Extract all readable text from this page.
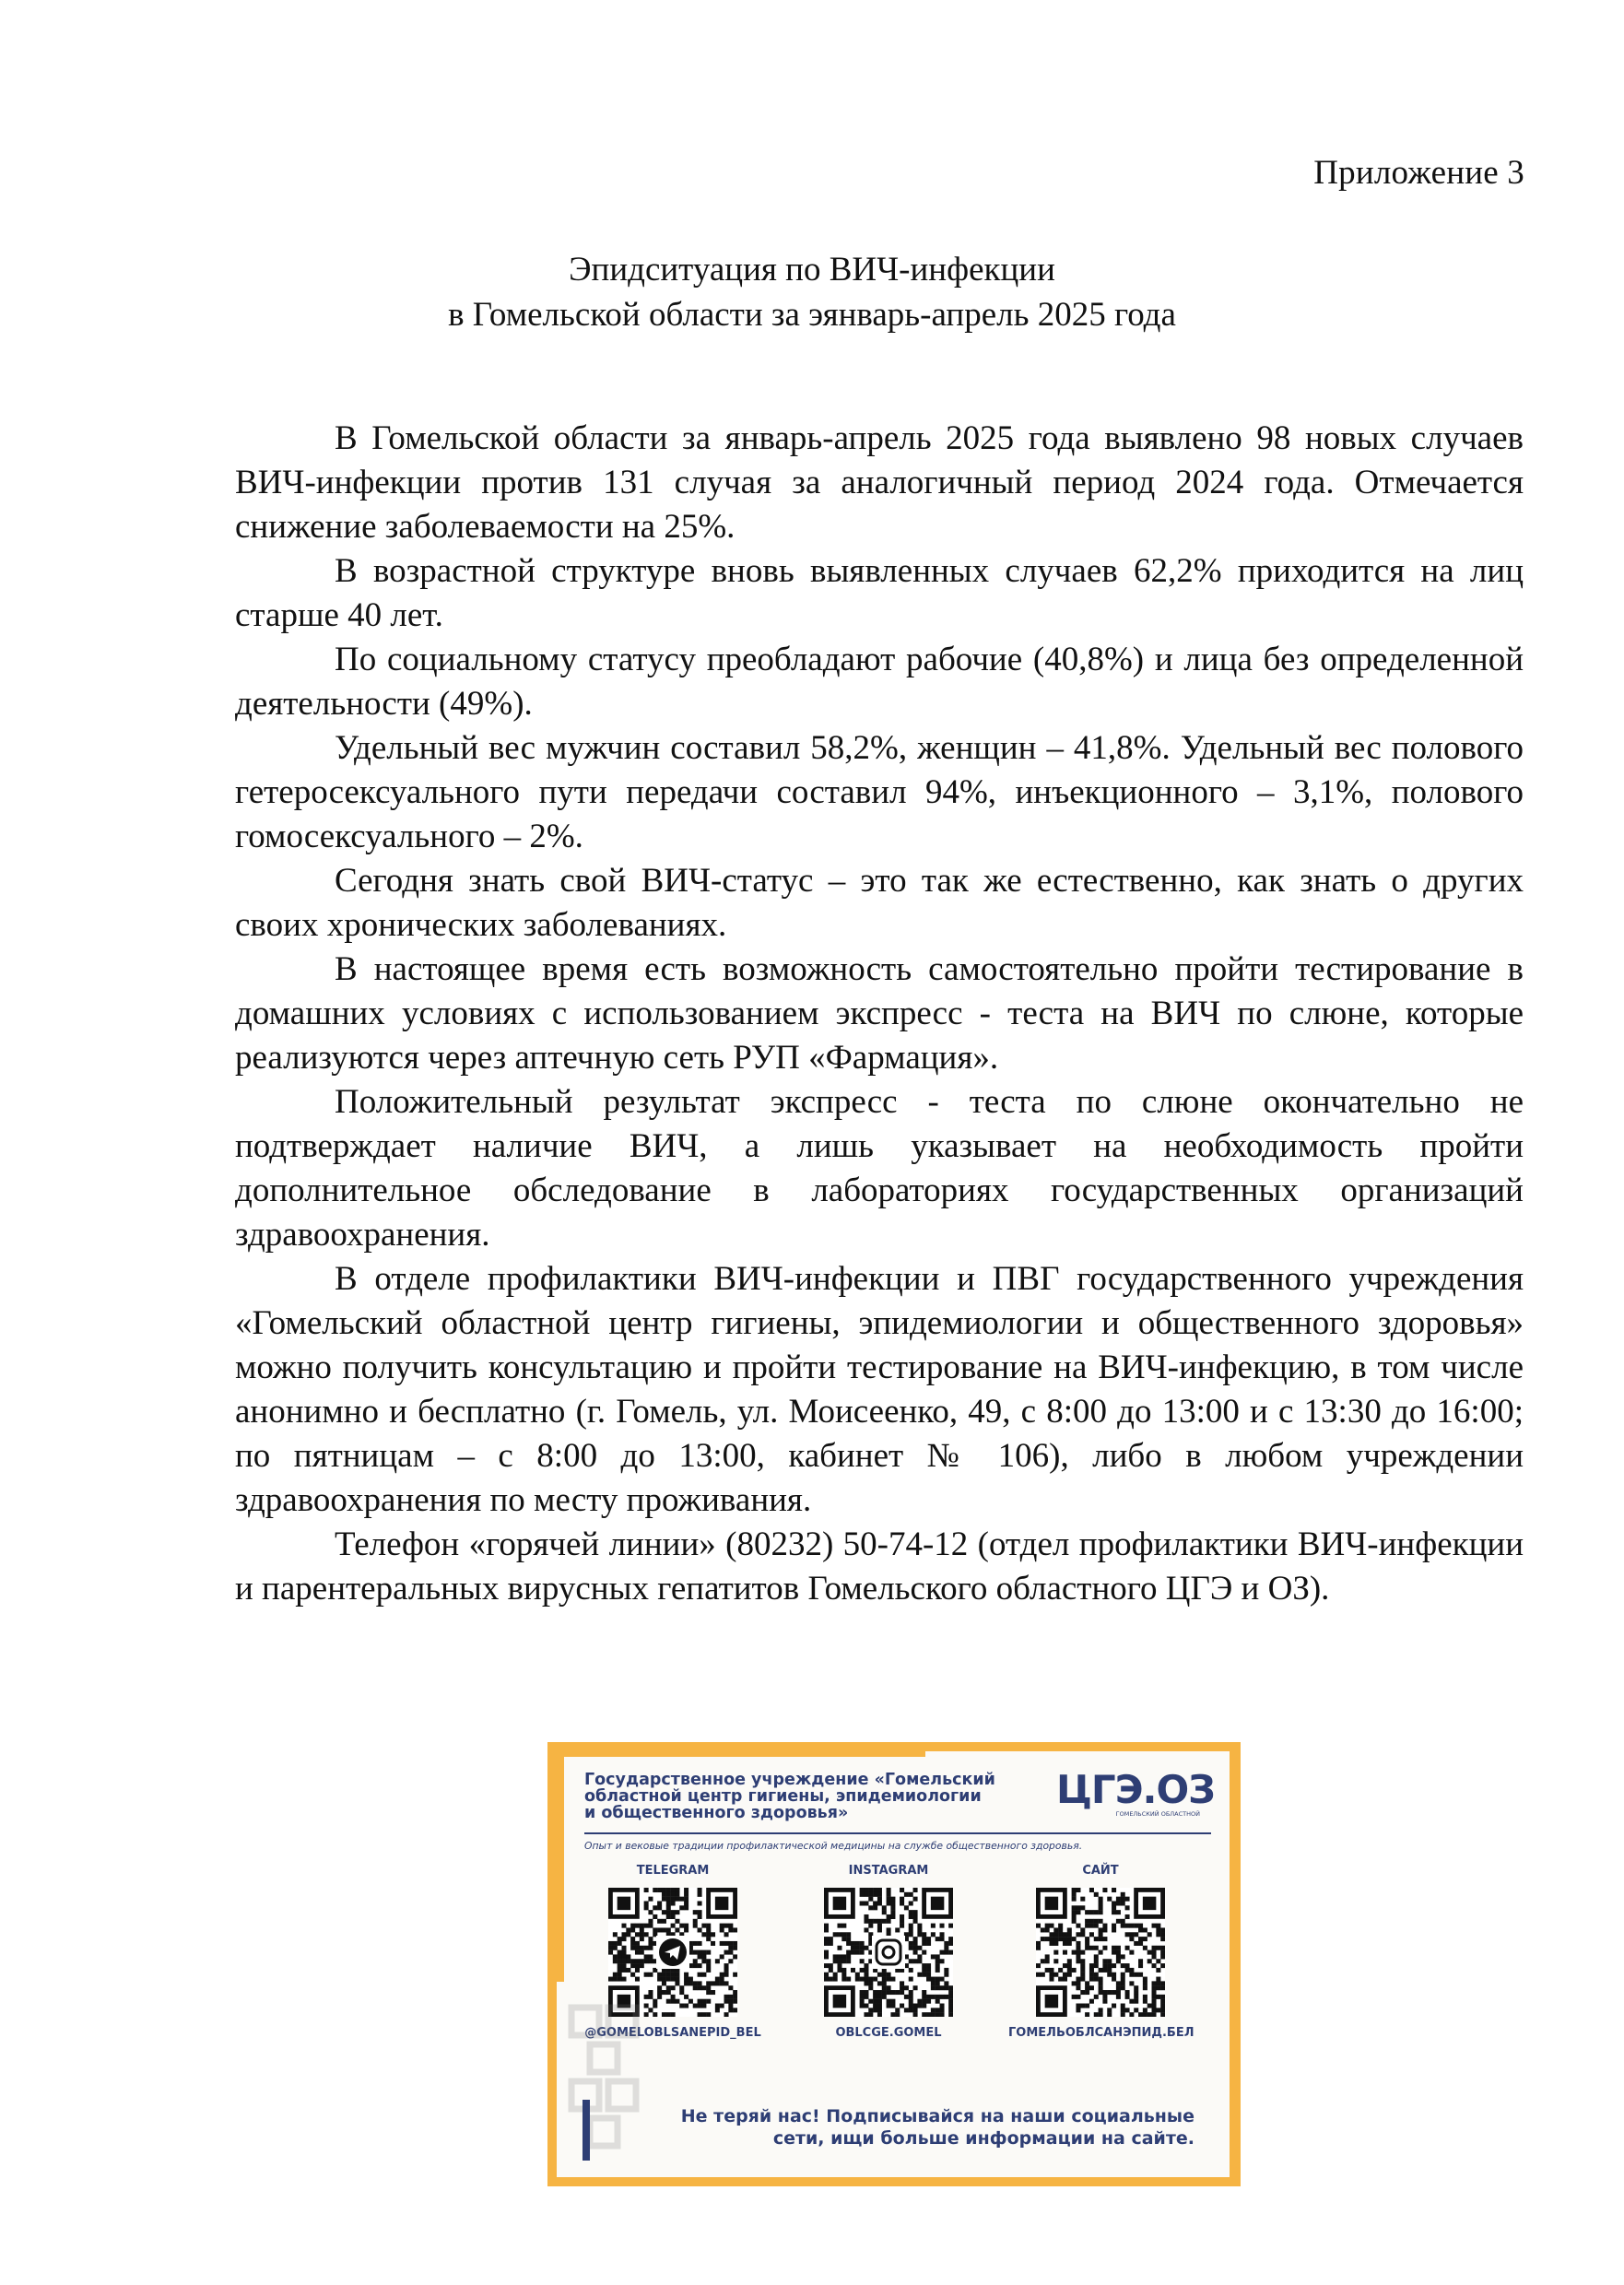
Приложение 3
Эпидситуация по ВИЧ-инфекции
в Гомельской области за эянварь-апрель 2025 года

В Гомельской области за январь-апрель 2025 года выявлено 98 новых случаев ВИЧ-инфекции против 131 случая за аналогичный период 2024 года. Отмечается снижение заболеваемости на 25%.

В возрастной структуре вновь выявленных случаев 62,2% приходится на лиц старше 40 лет.

По социальному статусу преобладают рабочие (40,8%) и лица без определенной деятельности (49%).

Удельный вес мужчин составил 58,2%, женщин – 41,8%. Удельный вес полового гетеросексуального пути передачи составил 94%, инъекционного – 3,1%, полового гомосексуального – 2%.

Сегодня знать свой ВИЧ-статус – это так же естественно, как знать о других своих хронических заболеваниях.

В настоящее время есть возможность самостоятельно пройти тестирование в домашних условиях с использованием экспресс - теста на ВИЧ по слюне, которые реализуются через аптечную сеть РУП «Фармация».

Положительный результат экспресс - теста по слюне окончательно не подтверждает наличие ВИЧ, а лишь указывает на необходимость пройти дополнительное обследование в лабораториях государственных организаций здравоохранения.

В отделе профилактики ВИЧ-инфекции и ПВГ государственного учреждения «Гомельский областной центр гигиены, эпидемиологии и общественного здоровья» можно получить консультацию и пройти тестирование на ВИЧ-инфекцию, в том числе анонимно и бесплатно (г. Гомель, ул. Моисеенко, 49, с 8:00 до 13:00 и с 13:30 до 16:00; по пятницам – с 8:00 до 13:00, кабинет № 106), либо в любом учреждении здравоохранения по месту проживания.

Телефон «горячей линии» (80232) 50-74-12 (отдел профилактики ВИЧ-инфекции и парентеральных вирусных гепатитов Гомельского областного ЦГЭ и ОЗ).

Государственное учреждение «Гомельский
областной центр гигиены, эпидемиологии
и общественного здоровья»
ЦГЭ.ОЗ
ГОМЕЛЬСКИЙ ОБЛАСТНОЙ
Опыт и вековые традиции профилактической медицины на службе общественного здоровья.
TELEGRAM
@GOMELOBLSANEPID_BEL
INSTAGRAM
OBLCGE.GOMEL
САЙТ
ГОМЕЛЬОБЛСАНЭПИД.БЕЛ
Не теряй нас! Подписывайся на наши социальные
сети, ищи больше информации на сайте.
